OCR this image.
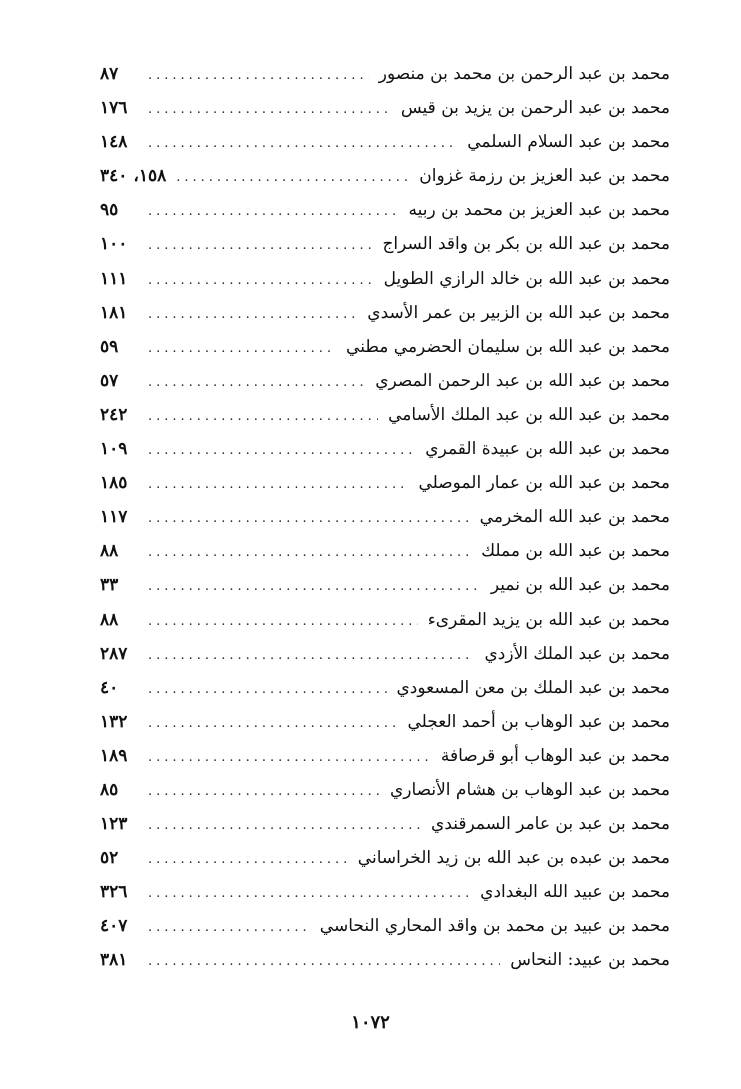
محمد بن عبد الرحمن بن محمد بن منصور
.....
٨٧
محمد بن عبد الرحمن بن يزيد بن قيس
.....
١٧٦
محمد بن عبد السلام السلمي
.....
١٤٨
محمد بن عبد العزيز بن رزمة غزوان
.....
١٥٨، ٣٤٠
محمد بن عبد العزيز بن محمد بن ربيه
.....
٩٥
محمد بن عبد الله بن بكر بن واقد السراج
.....
١٠٠
محمد بن عبد الله بن خالد الرازي الطويل
.....
١١١
محمد بن عبد الله بن الزبير بن عمر الأسدي
.....
١٨١
محمد بن عبد الله بن سليمان الحضرمي مطني
.....
٥٩
محمد بن عبد الله بن عبد الرحمن المصري
.....
٥٧
محمد بن عبد الله بن عبد الملك الأسامي
.....
٢٤٢
محمد بن عبد الله بن عبيدة القمري
.....
١٠٩
محمد بن عبد الله بن عمار الموصلي
.....
١٨٥
محمد بن عبد الله المخرمي
.....
١١٧
محمد بن عبد الله بن مملك
.....
٨٨
محمد بن عبد الله بن نمير
.....
٣٣
محمد بن عبد الله بن يزيد المقرىء
.....
٨٨
محمد بن عبد الملك الأزدي
.....
٢٨٧
محمد بن عبد الملك بن معن المسعودي
.....
٤٠
محمد بن عبد الوهاب بن أحمد العجلي
.....
١٣٢
محمد بن عبد الوهاب أبو قرصافة
.....
١٨٩
محمد بن عبد الوهاب بن هشام الأنصاري
.....
٨٥
محمد بن عبد بن عامر السمرقندي
.....
١٢٣
محمد بن عبده بن عبد الله بن زيد الخراساني
.....
٥٢
محمد بن عبيد الله البغدادي
.....
٣٢٦
محمد بن عبيد بن محمد بن واقد المحاري النحاسي
.....
٤٠٧
محمد بن عبيد: النحاس
.....
٣٨١
١٠٧٢
